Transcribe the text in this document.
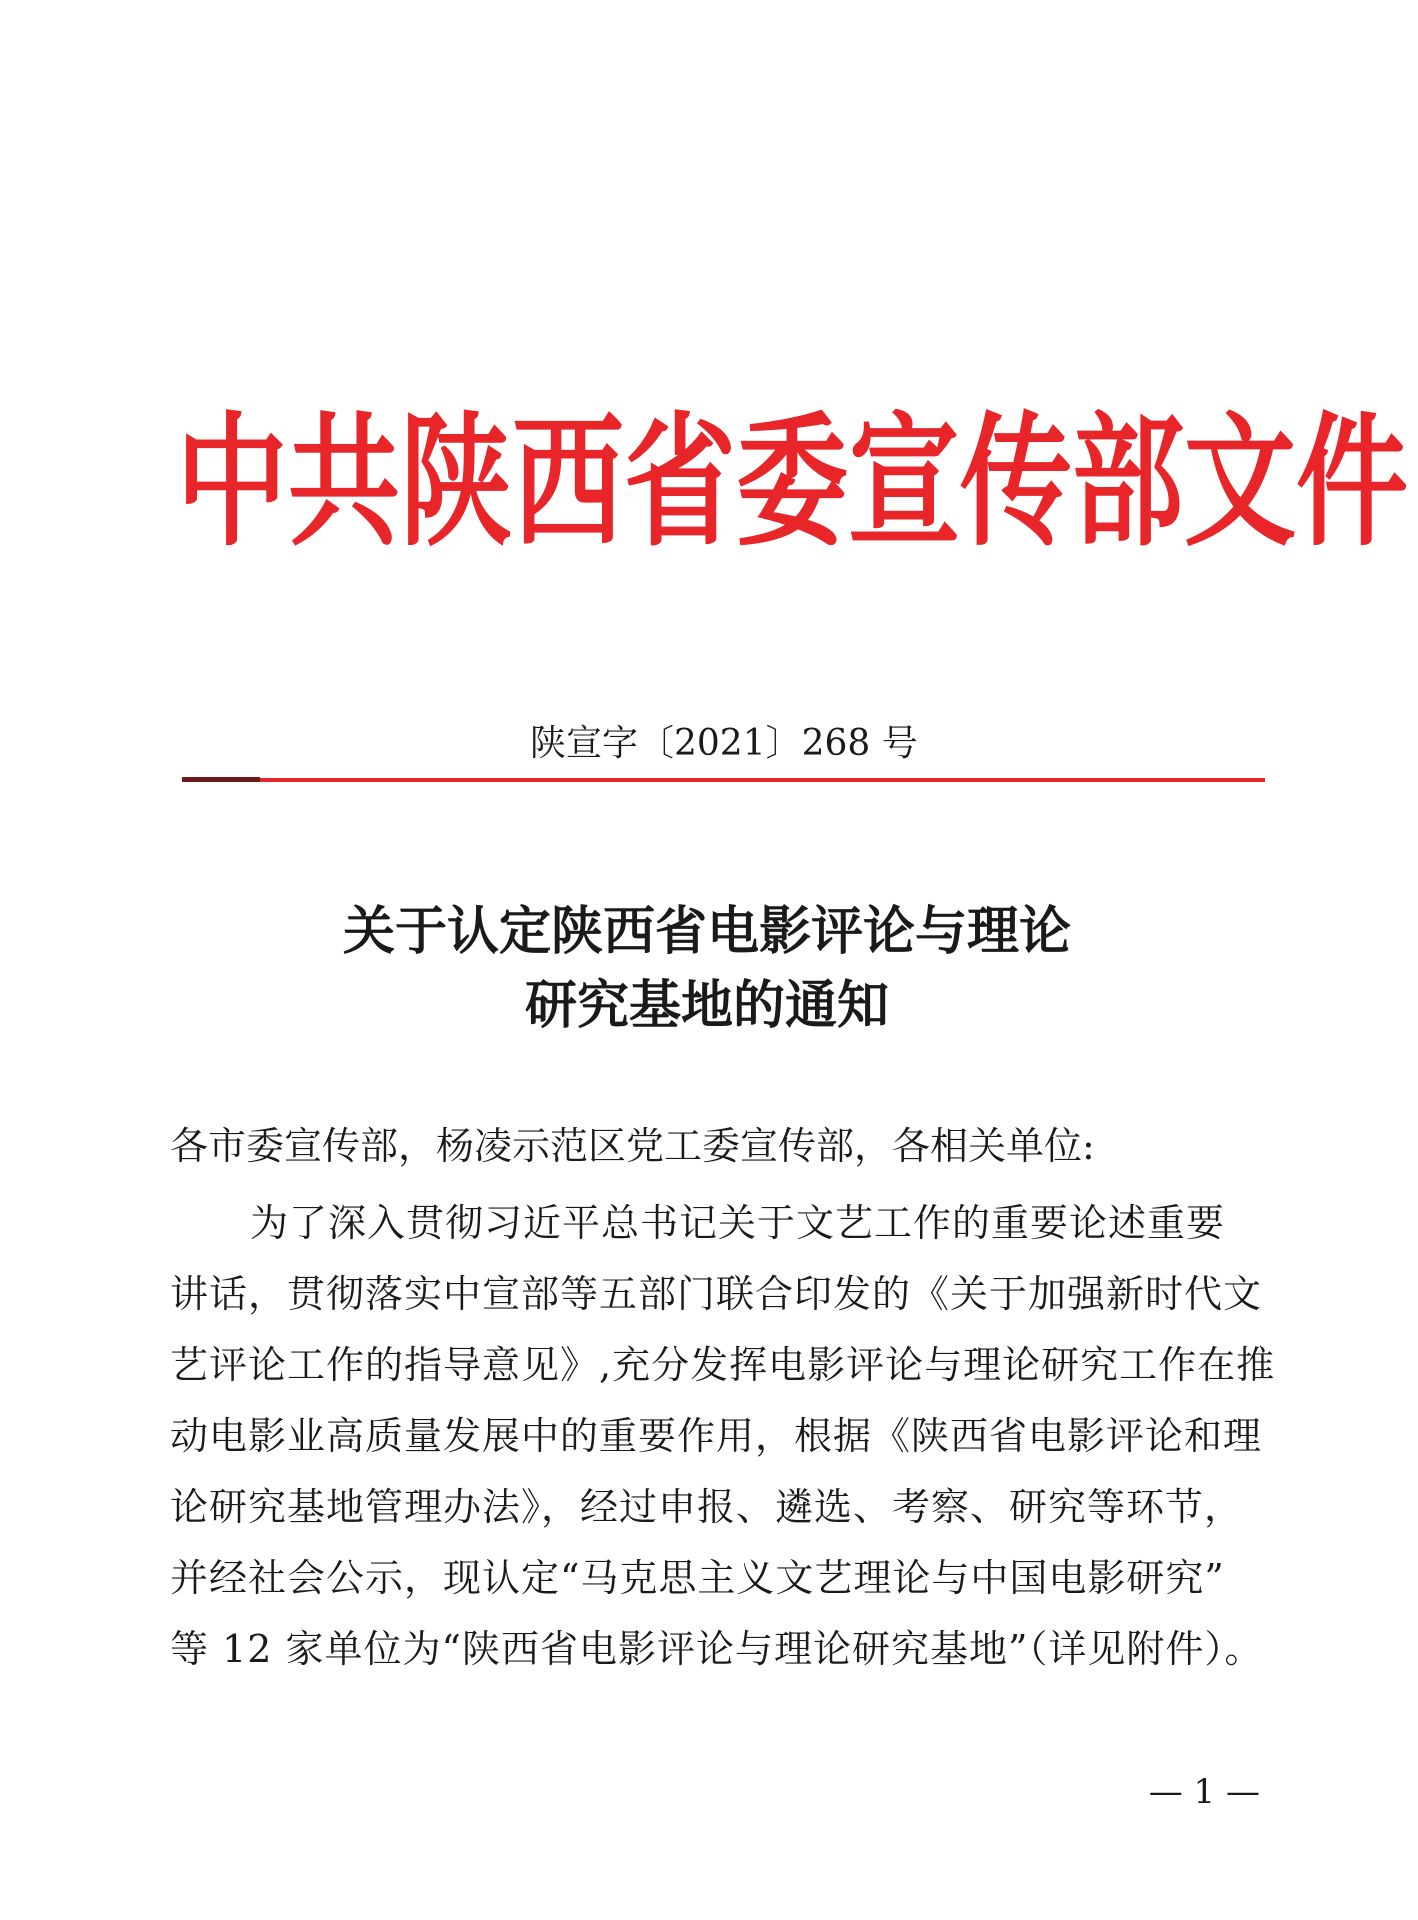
中共陕西省委宣传部文件
陕宣字〔2021〕268 号
关于认定陕西省电影评论与理论
研究基地的通知
各市委宣传部，杨凌示范区党工委宣传部，各相关单位:
为了深入贯彻习近平总书记关于文艺工作的重要论述重要
讲话，贯彻落实中宣部等五部门联合印发的《关于加强新时代文
艺评论工作的指导意见》,充分发挥电影评论与理论研究工作在推
动电影业高质量发展中的重要作用，根据《陕西省电影评论和理
论研究基地管理办法》，经过申报、遴选、考察、研究等环节，
并经社会公示，现认定“马克思主义文艺理论与中国电影研究”
等 12 家单位为“陕西省电影评论与理论研究基地”（详见附件）。
— 1 —
